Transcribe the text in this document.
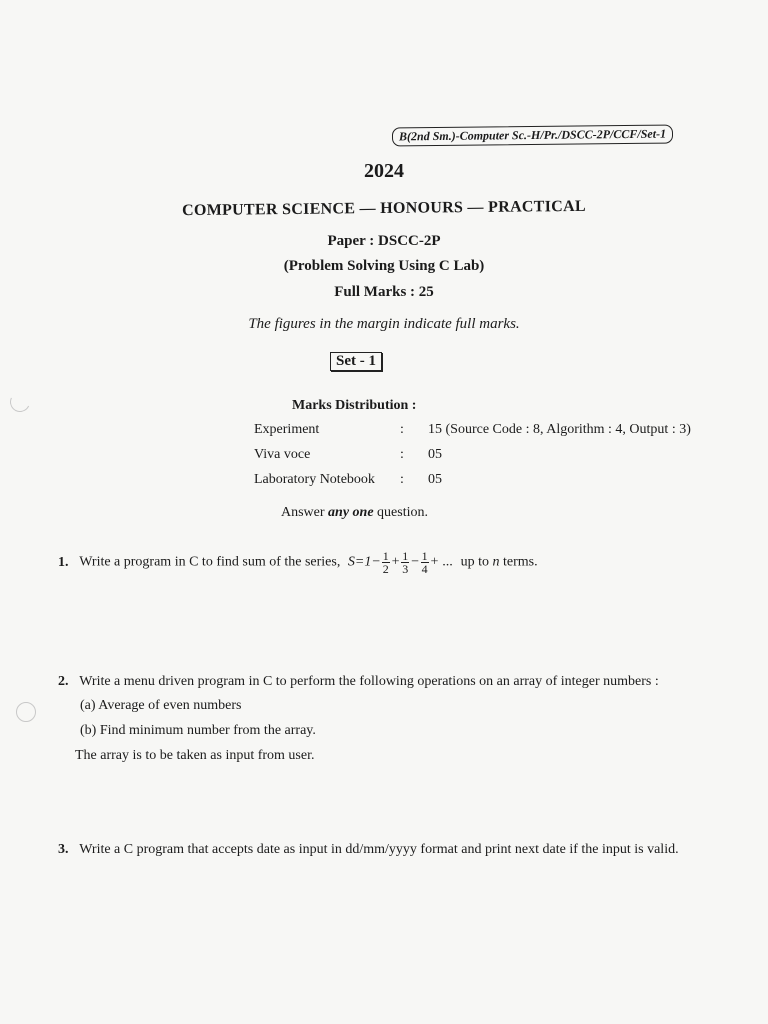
B(2nd Sm.)-Computer Sc.-H/Pr./DSCC-2P/CCF/Set-1
2024
COMPUTER SCIENCE — HONOURS — PRACTICAL
Paper : DSCC-2P
(Problem Solving Using C Lab)
Full Marks : 25
The figures in the margin indicate full marks.
Set - 1
Marks Distribution :
Experiment	: 15 (Source Code : 8, Algorithm : 4, Output : 3)
Viva voce	: 05
Laboratory Notebook	: 05
Answer any one question.
1. Write a program in C to find sum of the series, $S=1- \frac{1}{2} + \frac{1}{3} - \frac{1}{4}$ + ... up to n terms.
2. Write a menu driven program in C to perform the following operations on an array of integer numbers :
(a) Average of even numbers
(b) Find minimum number from the array.
The array is to be taken as input from user.
3. Write a C program that accepts date as input in dd/mm/yyyy format and print next date if the input is valid.
